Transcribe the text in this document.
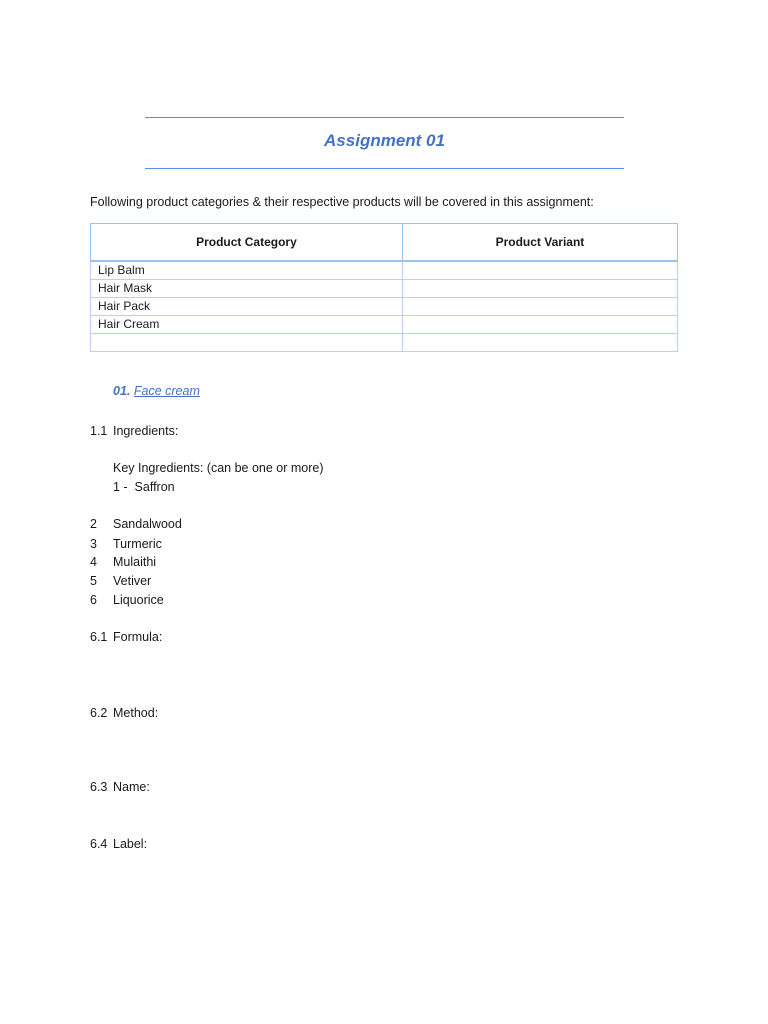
Assignment 01
Following product categories & their respective products will be covered in this assignment:
Product Category	Product Variant
Lip Balm	
Hair Mask	
Hair Pack	
Hair Cream	

01. Face cream
1.1 Ingredients:
Key Ingredients: (can be one or more)
1 -  Saffron
2 Sandalwood
3 Turmeric
4 Mulaithi
5 Vetiver
6 Liquorice
6.1 Formula:
6.2 Method:
6.3 Name:
6.4 Label:
